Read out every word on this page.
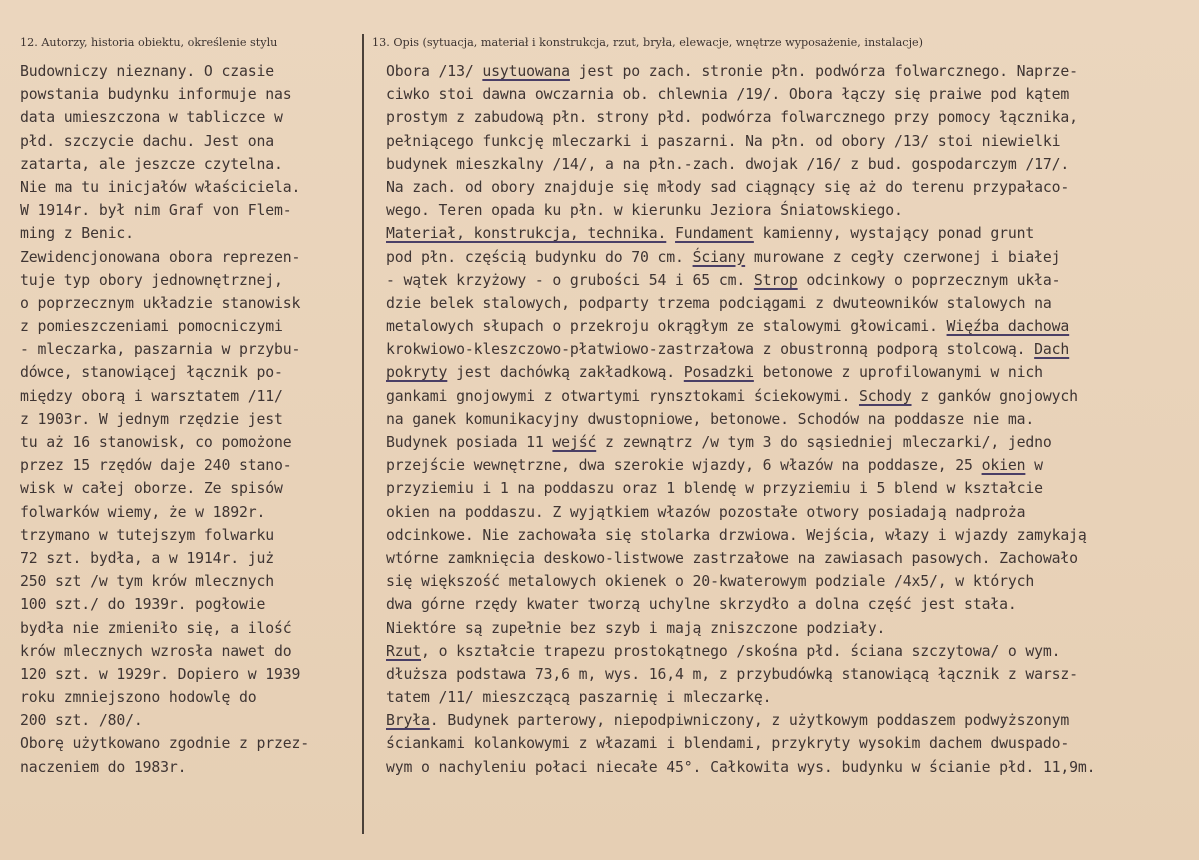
12. Autorzy, historia obiektu, określenie stylu	13. Opis (sytuacja, materiał i konstrukcja, rzut, bryła, elewacje, wnętrze wyposażenie, instalacje)
Budowniczy nieznany. O czasie
powstania budynku informuje nas
data umieszczona w tabliczce w
płd. szczycie dachu. Jest ona
zatarta, ale jeszcze czytelna.
Nie ma tu inicjałów właściciela.
W 1914r. był nim Graf von Flem-
ming z Benic.
Zewidencjonowana obora reprezen-
tuje typ obory jednownętrznej,
o poprzecznym układzie stanowisk
z pomieszczeniami pomocniczymi
- mleczarka, paszarnia w przybu-
dówce, stanowiącej łącznik po-
między oborą i warsztatem /11/
z 1903r. W jednym rzędzie jest
tu aż 16 stanowisk, co pomożone
przez 15 rzędów daje 240 stano-
wisk w całej oborze. Ze spisów
folwarków wiemy, że w 1892r.
trzymano w tutejszym folwarku
72 szt. bydła, a w 1914r. już
250 szt /w tym krów mlecznych
100 szt./ do 1939r. pogłowie
bydła nie zmieniło się, a ilość
krów mlecznych wzrosła nawet do
120 szt. w 1929r. Dopiero w 1939
roku zmniejszono hodowlę do
200 szt. /80/.
Oborę użytkowano zgodnie z przez-
naczeniem do 1983r.
Obora /13/ usytuowana jest po zach. stronie płn. podwórza folwarcznego. Naprze-
ciwko stoi dawna owczarnia ob. chlewnia /19/. Obora łączy się praiwe pod kątem
prostym z zabudową płn. strony płd. podwórza folwarcznego przy pomocy łącznika,
pełniącego funkcję mleczarki i paszarni. Na płn. od obory /13/ stoi niewielki
budynek mieszkalny /14/, a na płn.-zach. dwojak /16/ z bud. gospodarczym /17/.
Na zach. od obory znajduje się młody sad ciągnący się aż do terenu przypałaco-
wego. Teren opada ku płn. w kierunku Jeziora Śniatowskiego.
Materiał, konstrukcja, technika. Fundament kamienny, wystający ponad grunt
pod płn. częścią budynku do 70 cm. Ściany murowane z cegły czerwonej i białej
- wątek krzyżowy - o grubości 54 i 65 cm. Strop odcinkowy o poprzecznym ukła-
dzie belek stalowych, podparty trzema podciągami z dwuteowników stalowych na
metalowych słupach o przekroju okrągłym ze stalowymi głowicami. Więźba dachowa
krokwiowo-kleszczowo-płatwiowo-zastrzałowa z obustronną podporą stolcową. Dach
pokryty jest dachówką zakładkową. Posadzki betonowe z uprofilowanymi w nich
gankami gnojowymi z otwartymi rynsztokami ściekowymi. Schody z ganków gnojowych
na ganek komunikacyjny dwustopniowe, betonowe. Schodów na poddasze nie ma.
Budynek posiada 11 wejść z zewnątrz /w tym 3 do sąsiedniej mleczarki/, jedno
przejście wewnętrzne, dwa szerokie wjazdy, 6 włazów na poddasze, 25 okien w
przyziemiu i 1 na poddaszu oraz 1 blendę w przyziemiu i 5 blend w kształcie
okien na poddaszu. Z wyjątkiem włazów pozostałe otwory posiadają nadproża
odcinkowe. Nie zachowała się stolarka drzwiowa. Wejścia, włazy i wjazdy zamykają
wtórne zamknięcia deskowo-listwowe zastrzałowe na zawiasach pasowych. Zachowało
się większość metalowych okienek o 20-kwaterowym podziale /4x5/, w których
dwa górne rzędy kwater tworzą uchylne skrzydło a dolna część jest stała.
Niektóre są zupełnie bez szyb i mają zniszczone podziały.
Rzut, o kształcie trapezu prostokątnego /skośna płd. ściana szczytowa/ o wym.
dłuższa podstawa 73,6 m, wys. 16,4 m, z przybudówką stanowiącą łącznik z warsz-
tatem /11/ mieszczącą paszarnię i mleczarkę.
Bryła. Budynek parterowy, niepodpiwniczony, z użytkowym poddaszem podwyższonym
ściankami kolankowymi z włazami i blendami, przykryty wysokim dachem dwuspado-
wym o nachyleniu połaci niecałe 45°. Całkowita wys. budynku w ścianie płd. 11,9m.
